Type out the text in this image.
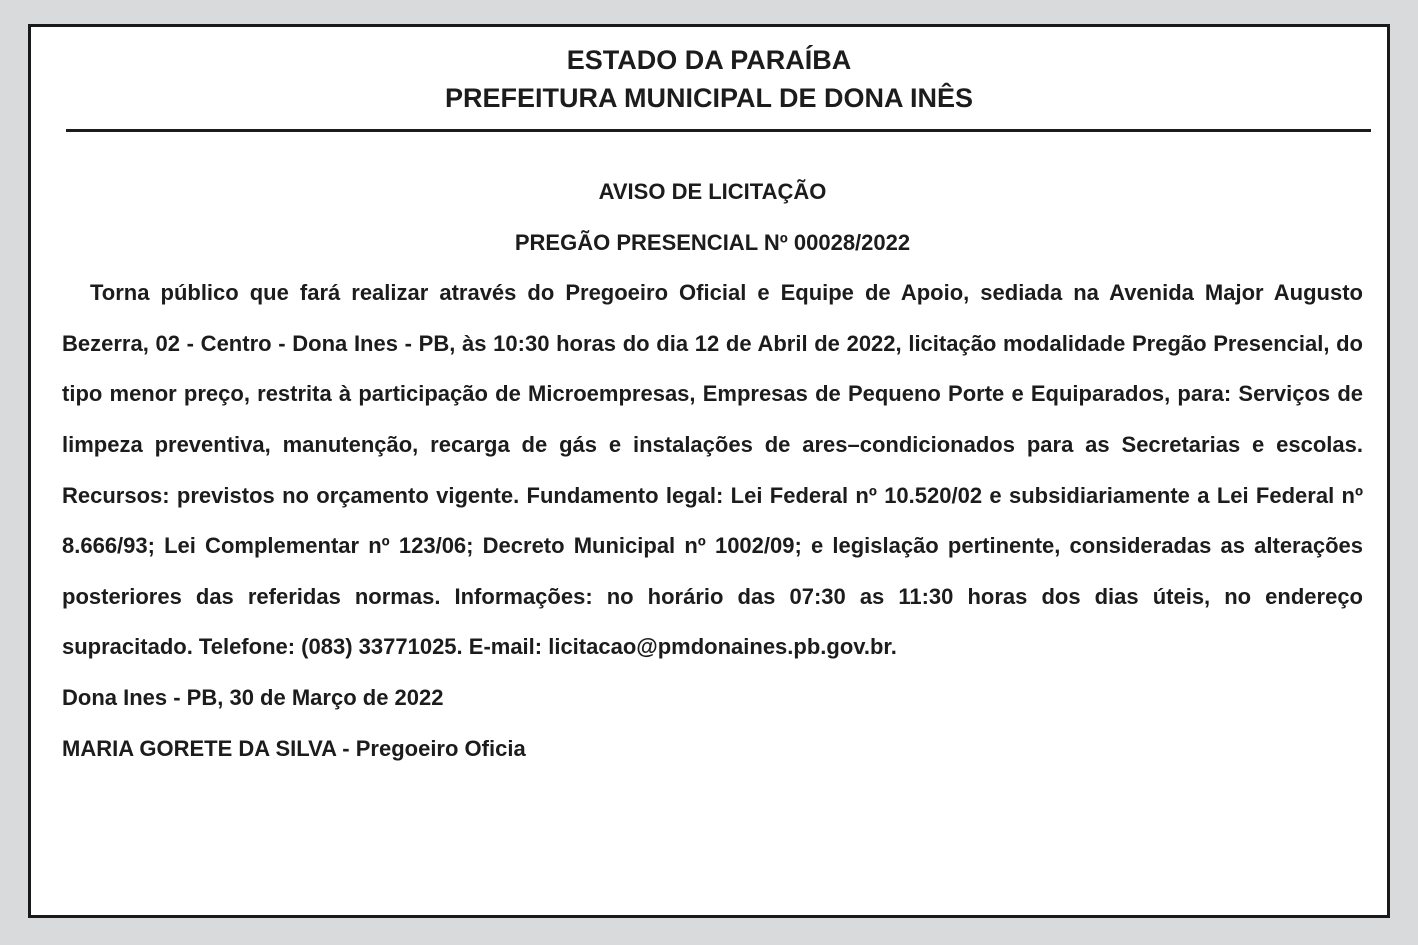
ESTADO DA PARAÍBA
PREFEITURA MUNICIPAL DE DONA INÊS
AVISO DE LICITAÇÃO
PREGÃO PRESENCIAL Nº 00028/2022
Torna público que fará realizar através do Pregoeiro Oficial e Equipe de Apoio, sediada na Avenida Major Augusto Bezerra, 02 - Centro - Dona Ines - PB, às 10:30 horas do dia 12 de Abril de 2022, licitação modalidade Pregão Presencial, do tipo menor preço, restrita à participação de Microempresas, Empresas de Pequeno Porte e Equiparados, para: Serviços de limpeza preventiva, manutenção, recarga de gás e instalações de ares–condicionados para as Secretarias e escolas. Recursos: previstos no orçamento vigente. Fundamento legal: Lei Federal nº 10.520/02 e subsidiariamente a Lei Federal nº 8.666/93; Lei Complementar nº 123/06; Decreto Municipal nº 1002/09; e legislação pertinente, consideradas as alterações posteriores das referidas normas. Informações: no horário das 07:30 as 11:30 horas dos dias úteis, no endereço supracitado. Telefone: (083) 33771025. E-mail: licitacao@pmdonaines.pb.gov.br.
Dona Ines - PB, 30 de Março de 2022
MARIA GORETE DA SILVA - Pregoeiro Oficia
